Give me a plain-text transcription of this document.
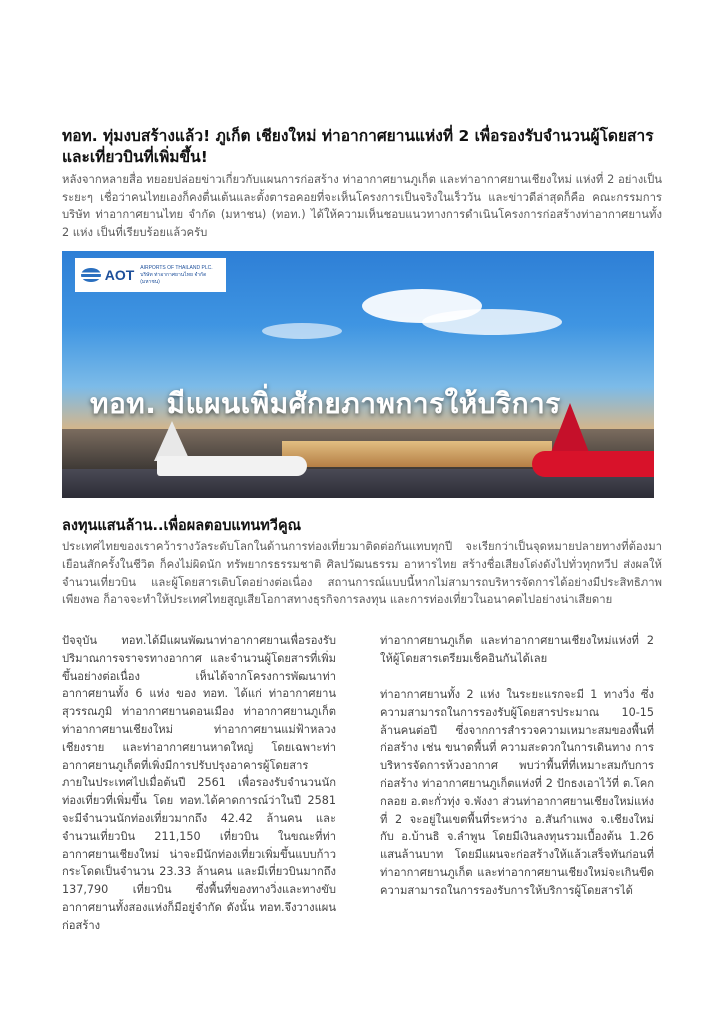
ทอท. ทุ่มงบสร้างแล้ว! ภูเก็ต เชียงใหม่ ท่าอากาศยานแห่งที่ 2 เพื่อรองรับจำนวนผู้โดยสารและเที่ยวบินที่เพิ่มขึ้น!

หลังจากหลายสื่อ ทยอยปล่อยข่าวเกี่ยวกับแผนการก่อสร้าง ท่าอากาศยานภูเก็ต และท่าอากาศยานเชียงใหม่ แห่งที่ 2 อย่างเป็นระยะๆ เชื่อว่าคนไทยเองก็คงตื่นเต้นและตั้งตารอคอยที่จะเห็นโครงการเป็นจริงในเร็ววัน และข่าวดีล่าสุดก็คือ คณะกรรมการบริษัท ท่าอากาศยานไทย จำกัด (มหาชน) (ทอท.) ได้ให้ความเห็นชอบแนวทางการดำเนินโครงการก่อสร้างท่าอากาศยานทั้ง 2 แห่ง เป็นที่เรียบร้อยแล้วครับ

AOT AIRPORTS OF THAILAND PLC.
บริษัท ท่าอากาศยานไทย จำกัด (มหาชน)
ทอท. มีแผนเพิ่มศักยภาพการให้บริการ
ลงทุนแสนล้าน..เพื่อผลตอบแทนทวีคูณ

ประเทศไทยของเราคว้ารางวัลระดับโลกในด้านการท่องเที่ยวมาติดต่อกันแทบทุกปี จะเรียกว่าเป็นจุดหมายปลายทางที่ต้องมาเยือนสักครั้งในชีวิต ก็คงไม่ผิดนัก ทรัพยากรธรรมชาติ ศิลปวัฒนธรรม อาหารไทย สร้างชื่อเสียงโด่งดังไปทั่วทุกทวีป ส่งผลให้จำนวนเที่ยวบิน และผู้โดยสารเติบโตอย่างต่อเนื่อง สถานการณ์แบบนี้หากไม่สามารถบริหารจัดการได้อย่างมีประสิทธิภาพเพียงพอ ก็อาจจะทำให้ประเทศไทยสูญเสียโอกาสทางธุรกิจการลงทุน และการท่องเที่ยวในอนาคตไปอย่างน่าเสียดาย

ปัจจุบัน ทอท.ได้มีแผนพัฒนาท่าอากาศยานเพื่อรองรับปริมาณการจราจรทางอากาศ และจำนวนผู้โดยสารที่เพิ่มขึ้นอย่างต่อเนื่อง เห็นได้จากโครงการพัฒนาท่าอากาศยานทั้ง 6 แห่ง ของ ทอท. ได้แก่ ท่าอากาศยานสุวรรณภูมิ ท่าอากาศยานดอนเมือง ท่าอากาศยานภูเก็ต ท่าอากาศยานเชียงใหม่ ท่าอากาศยานแม่ฟ้าหลวง เชียงราย และท่าอากาศยานหาดใหญ่ โดยเฉพาะท่าอากาศยานภูเก็ตที่เพิ่งมีการปรับปรุงอาคารผู้โดยสารภายในประเทศไปเมื่อต้นปี 2561 เพื่อรองรับจำนวนนักท่องเที่ยวที่เพิ่มขึ้น โดย ทอท.ได้คาดการณ์ว่าในปี 2581 จะมีจำนวนนักท่องเที่ยวมากถึง 42.42 ล้านคน และจำนวนเที่ยวบิน 211,150 เที่ยวบิน ในขณะที่ท่าอากาศยานเชียงใหม่ น่าจะมีนักท่องเที่ยวเพิ่มขึ้นแบบก้าวกระโดดเป็นจำนวน 23.33 ล้านคน และมีเที่ยวบินมากถึง 137,790 เที่ยวบิน ซึ่งพื้นที่ของทางวิ่งและทางขับอากาศยานทั้งสองแห่งก็มีอยู่จำกัด ดังนั้น ทอท.จึงวางแผนก่อสร้าง

ท่าอากาศยานภูเก็ต และท่าอากาศยานเชียงใหม่แห่งที่ 2 ให้ผู้โดยสารเตรียมเช็คอินกันได้เลย

ท่าอากาศยานทั้ง 2 แห่ง ในระยะแรกจะมี 1 ทางวิ่ง ซึ่งความสามารถในการรองรับผู้โดยสารประมาณ 10-15 ล้านคนต่อปี ซึ่งจากการสำรวจความเหมาะสมของพื้นที่ก่อสร้าง เช่น ขนาดพื้นที่ ความสะดวกในการเดินทาง การบริหารจัดการห้วงอากาศ พบว่าพื้นที่ที่เหมาะสมกับการก่อสร้าง ท่าอากาศยานภูเก็ตแห่งที่ 2 ปักธงเอาไว้ที่ ต.โคกกลอย อ.ตะกั่วทุ่ง จ.พังงา ส่วนท่าอากาศยานเชียงใหม่แห่งที่ 2 จะอยู่ในเขตพื้นที่ระหว่าง อ.สันกำแพง จ.เชียงใหม่ กับ อ.บ้านธิ จ.ลำพูน โดยมีเงินลงทุนรวมเบื้องต้น 1.26 แสนล้านบาท โดยมีแผนจะก่อสร้างให้แล้วเสร็จทันก่อนที่ท่าอากาศยานภูเก็ต และท่าอากาศยานเชียงใหม่จะเกินขีดความสามารถในการรองรับการให้บริการผู้โดยสารได้
